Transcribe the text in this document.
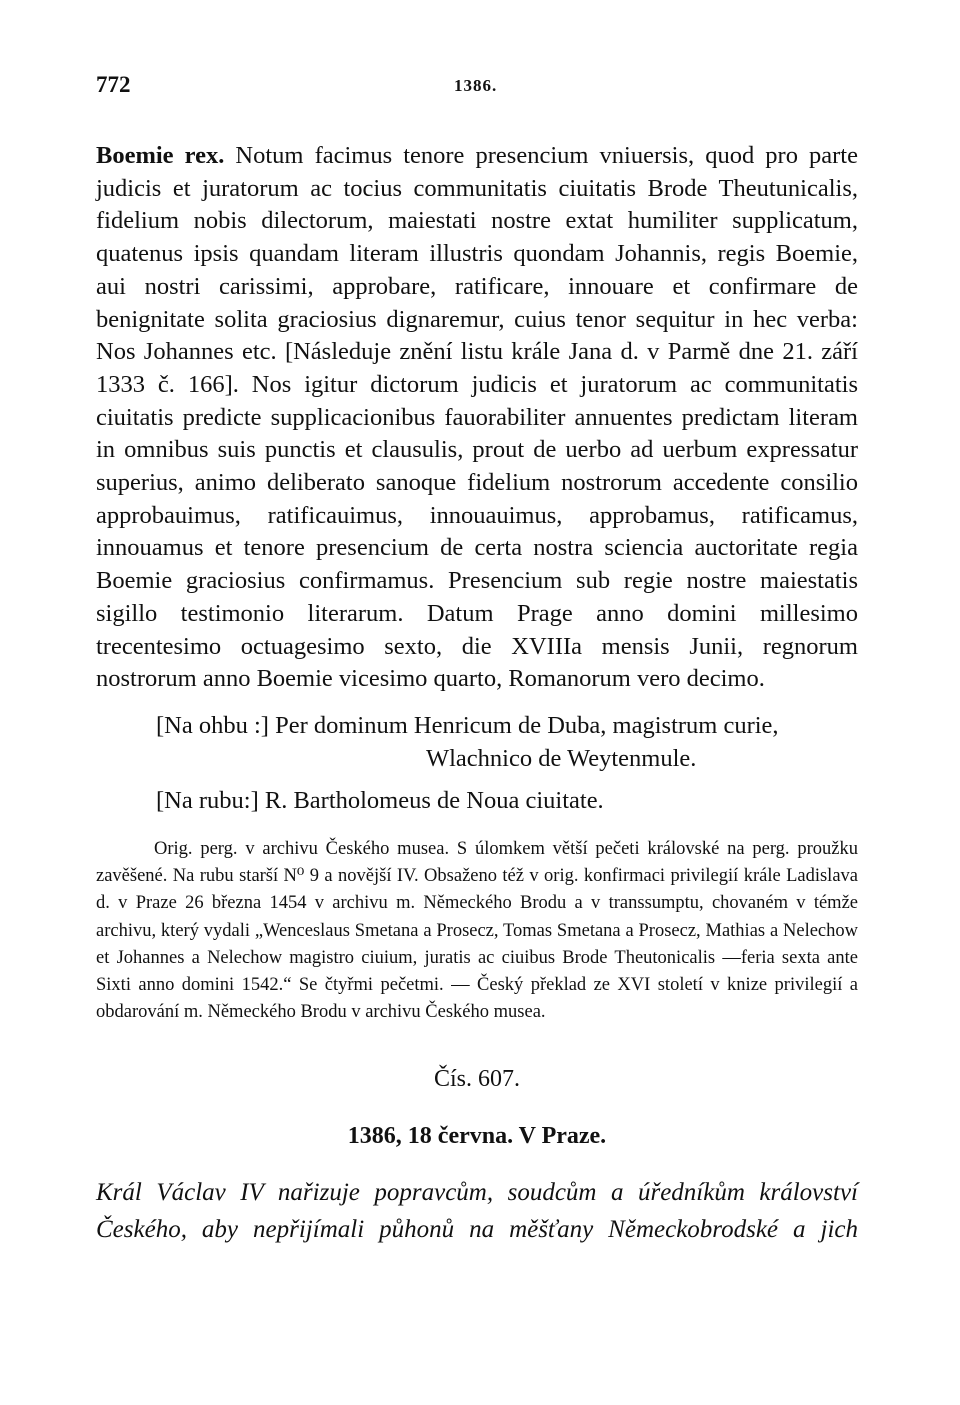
772	1386.
Boemie rex. Notum facimus tenore presencium vniuersis, quod pro parte judicis et juratorum ac tocius communitatis ciuitatis Brode Theutunicalis, fidelium nobis dilectorum, maiestati nostre extat humiliter supplicatum, quatenus ipsis quandam literam illustris quondam Johannis, regis Boemie, aui nostri carissimi, approbare, ratificare, innouare et confirmare de benignitate solita graciosius dignaremur, cuius tenor sequitur in hec verba: Nos Johannes etc. [Následuje znění listu krále Jana d. v Parmě dne 21. září 1333 č. 166]. Nos igitur dictorum judicis et juratorum ac communitatis ciuitatis predicte supplicacionibus fauorabiliter annuentes predictam literam in omnibus suis punctis et clausulis, prout de uerbo ad uerbum expressatur superius, animo deliberato sanoque fidelium nostrorum accedente consilio approbauimus, ratificauimus, innouauimus, approbamus, ratificamus, innouamus et tenore presencium de certa nostra sciencia auctoritate regia Boemie graciosius confirmamus. Presencium sub regie nostre maiestatis sigillo testimonio literarum. Datum Prage anno domini millesimo trecentesimo octuagesimo sexto, die XVIIIa mensis Junii, regnorum nostrorum anno Boemie vicesimo quarto, Romanorum vero decimo.
[Na ohbu :] Per dominum Henricum de Duba, magistrum curie,
Wlachnico de Weytenmule.
[Na rubu:] R. Bartholomeus de Noua ciuitate.
Orig. perg. v archivu Českého musea. S úlomkem větší pečeti královské na perg. proužku zavěšené. Na rubu starší N⁰ 9 a novější IV. Obsaženo též v orig. konfirmaci privilegií krále Ladislava d. v Praze 26 března 1454 v archivu m. Německého Brodu a v transsumptu, chovaném v témže archivu, který vydali „Wenceslaus Smetana a Prosecz, Tomas Smetana a Prosecz, Mathias a Nelechow et Johannes a Nelechow magistro ciuium, juratis ac ciuibus Brode Theutonicalis —feria sexta ante Sixti anno domini 1542.“ Se čtyřmi pečetmi. — Český překlad ze XVI století v knize privilegií a obdarování m. Německého Brodu v archivu Českého musea.
Čís. 607.
1386, 18 června. V Praze.
Král Václav IV nařizuje popravcům, soudcům a úředníkům království Českého, aby nepřijímali půhonů na měšťany Německobrodské a jich
